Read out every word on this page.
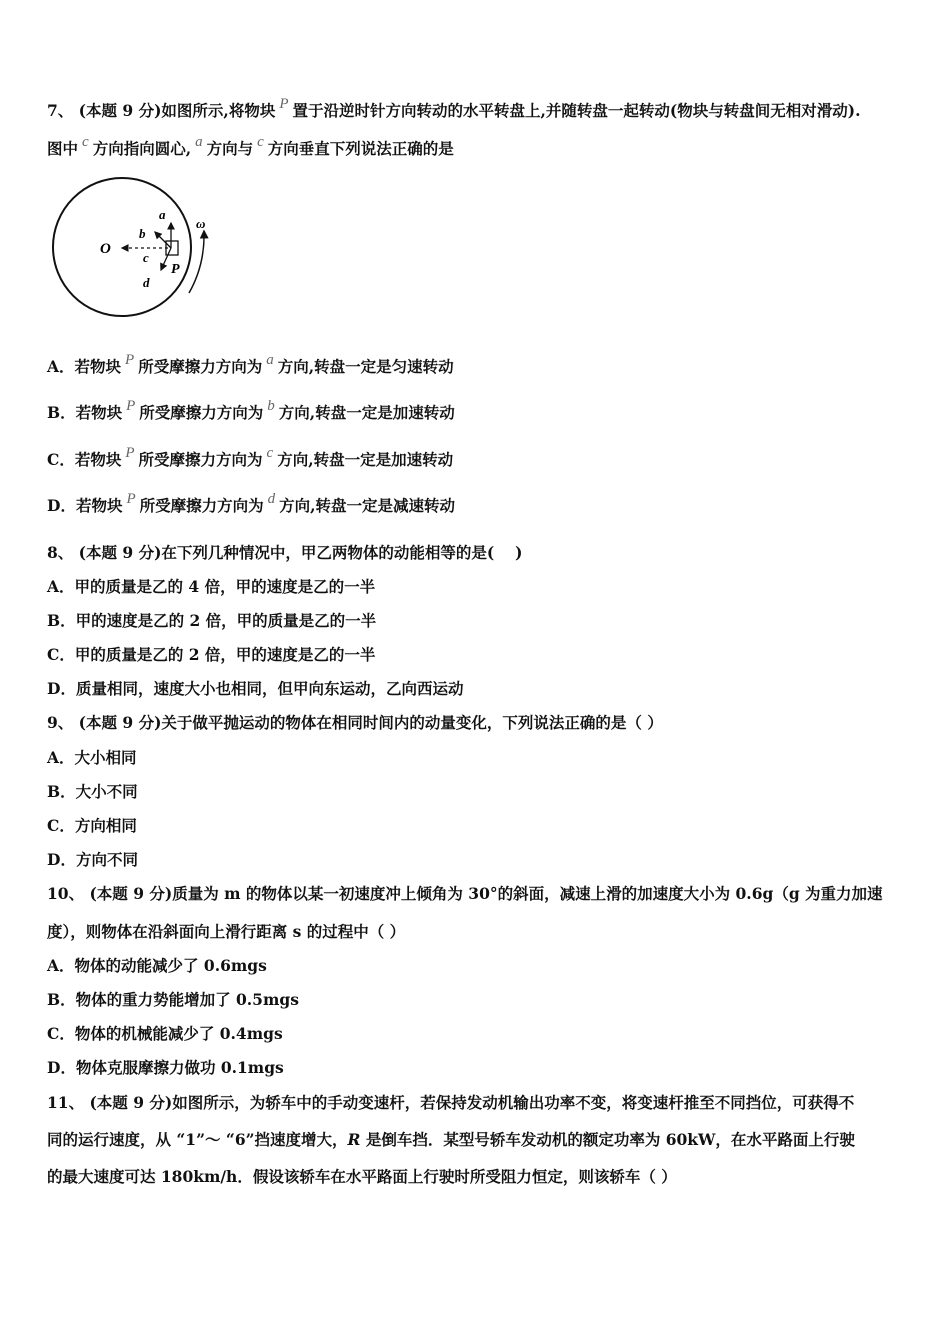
7、 (本题 9 分)如图所示,将物块 P 置于沿逆时针方向转动的水平转盘上,并随转盘一起转动(物块与转盘间无相对滑动).
图中 c 方向指向圆心, a 方向与 c 方向垂直下列说法正确的是
O
a
b
c
d
P
ω
A．若物块 P 所受摩擦力方向为 a 方向,转盘一定是匀速转动
B．若物块 P 所受摩擦力方向为 b 方向,转盘一定是加速转动
C．若物块 P 所受摩擦力方向为 c 方向,转盘一定是加速转动
D．若物块 P 所受摩擦力方向为 d 方向,转盘一定是减速转动
8、 (本题 9 分)在下列几种情况中，甲乙两物体的动能相等的是(　 )
A．甲的质量是乙的 4 倍，甲的速度是乙的一半
B．甲的速度是乙的 2 倍，甲的质量是乙的一半
C．甲的质量是乙的 2 倍，甲的速度是乙的一半
D．质量相同，速度大小也相同，但甲向东运动，乙向西运动
9、 (本题 9 分)关于做平抛运动的物体在相同时间内的动量变化，下列说法正确的是（ ）
A．大小相同
B．大小不同
C．方向相同
D．方向不同
10、 (本题 9 分)质量为 m 的物体以某一初速度冲上倾角为 30°的斜面，减速上滑的加速度大小为 0.6g（g 为重力加速
度），则物体在沿斜面向上滑行距离 s 的过程中（ ）
A．物体的动能减少了 0.6mgs
B．物体的重力势能增加了 0.5mgs
C．物体的机械能减少了 0.4mgs
D．物体克服摩擦力做功 0.1mgs
11、 (本题 9 分)如图所示，为轿车中的手动变速杆，若保持发动机输出功率不变，将变速杆推至不同挡位，可获得不
同的运行速度，从 “1”～ “6”挡速度增大，R 是倒车挡．某型号轿车发动机的额定功率为 60kW，在水平路面上行驶
的最大速度可达 180km/h．假设该轿车在水平路面上行驶时所受阻力恒定，则该轿车（ ）
